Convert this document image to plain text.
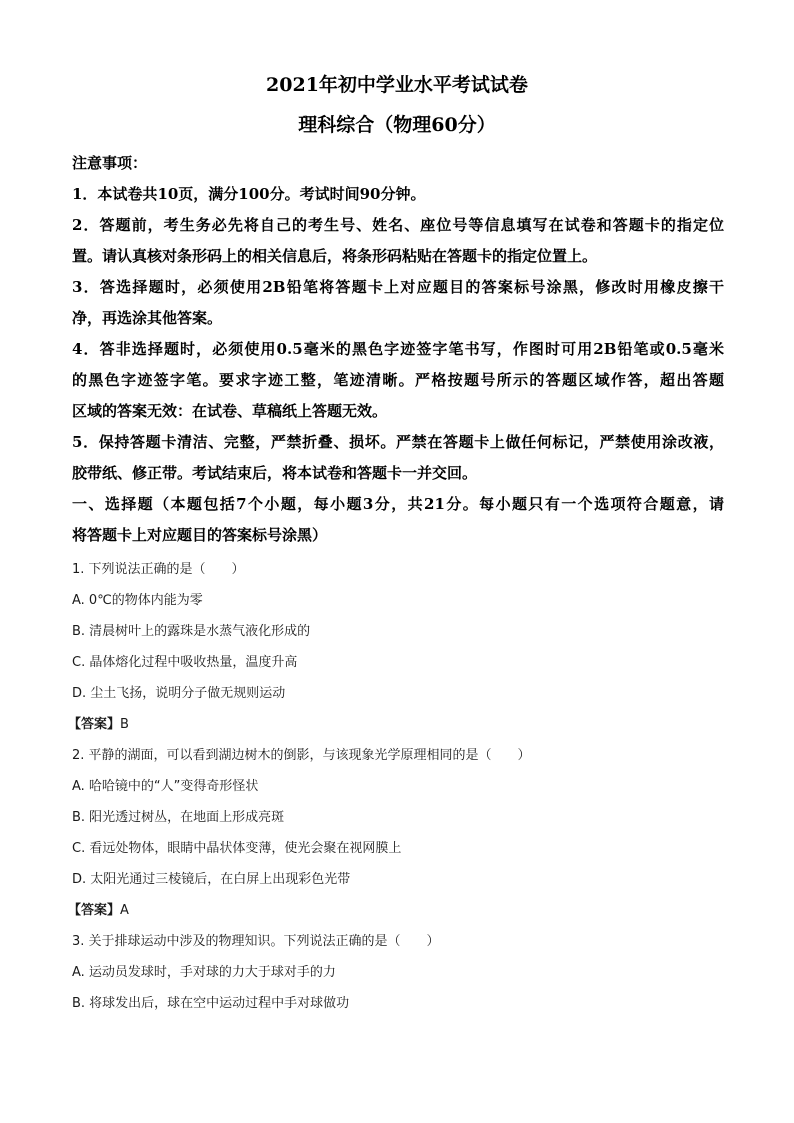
2021年初中学业水平考试试卷
理科综合（物理60分）

注意事项：

1．本试卷共10页，满分100分。考试时间90分钟。

2．答题前，考生务必先将自己的考生号、姓名、座位号等信息填写在试卷和答题卡的指定位

置。请认真核对条形码上的相关信息后，将条形码粘贴在答题卡的指定位置上。

3．答选择题时，必须使用2B铅笔将答题卡上对应题目的答案标号涂黑，修改时用橡皮擦干

净，再选涂其他答案。

4．答非选择题时，必须使用0.5毫米的黑色字迹签字笔书写，作图时可用2B铅笔或0.5毫米

的黑色字迹签字笔。要求字迹工整，笔迹清晰。严格按题号所示的答题区域作答，超出答题

区域的答案无效：在试卷、草稿纸上答题无效。

5．保持答题卡清洁、完整，严禁折叠、损坏。严禁在答题卡上做任何标记，严禁使用涂改液，

胶带纸、修正带。考试结束后，将本试卷和答题卡一并交回。

一、选择题（本题包括7个小题，每小题3分，共21分。每小题只有一个选项符合题意，请

将答题卡上对应题目的答案标号涂黑）

1. 下列说法正确的是（　　）

A. 0℃的物体内能为零

B. 清晨树叶上的露珠是水蒸气液化形成的

C. 晶体熔化过程中吸收热量，温度升高

D. 尘土飞扬，说明分子做无规则运动

【答案】B

2. 平静的湖面，可以看到湖边树木的倒影，与该现象光学原理相同的是（　　）

A. 哈哈镜中的“人”变得奇形怪状

B. 阳光透过树丛，在地面上形成亮斑

C. 看远处物体，眼睛中晶状体变薄，使光会聚在视网膜上

D. 太阳光通过三棱镜后，在白屏上出现彩色光带

【答案】A

3. 关于排球运动中涉及的物理知识。下列说法正确的是（　　）

A. 运动员发球时，手对球的力大于球对手的力

B. 将球发出后，球在空中运动过程中手对球做功
